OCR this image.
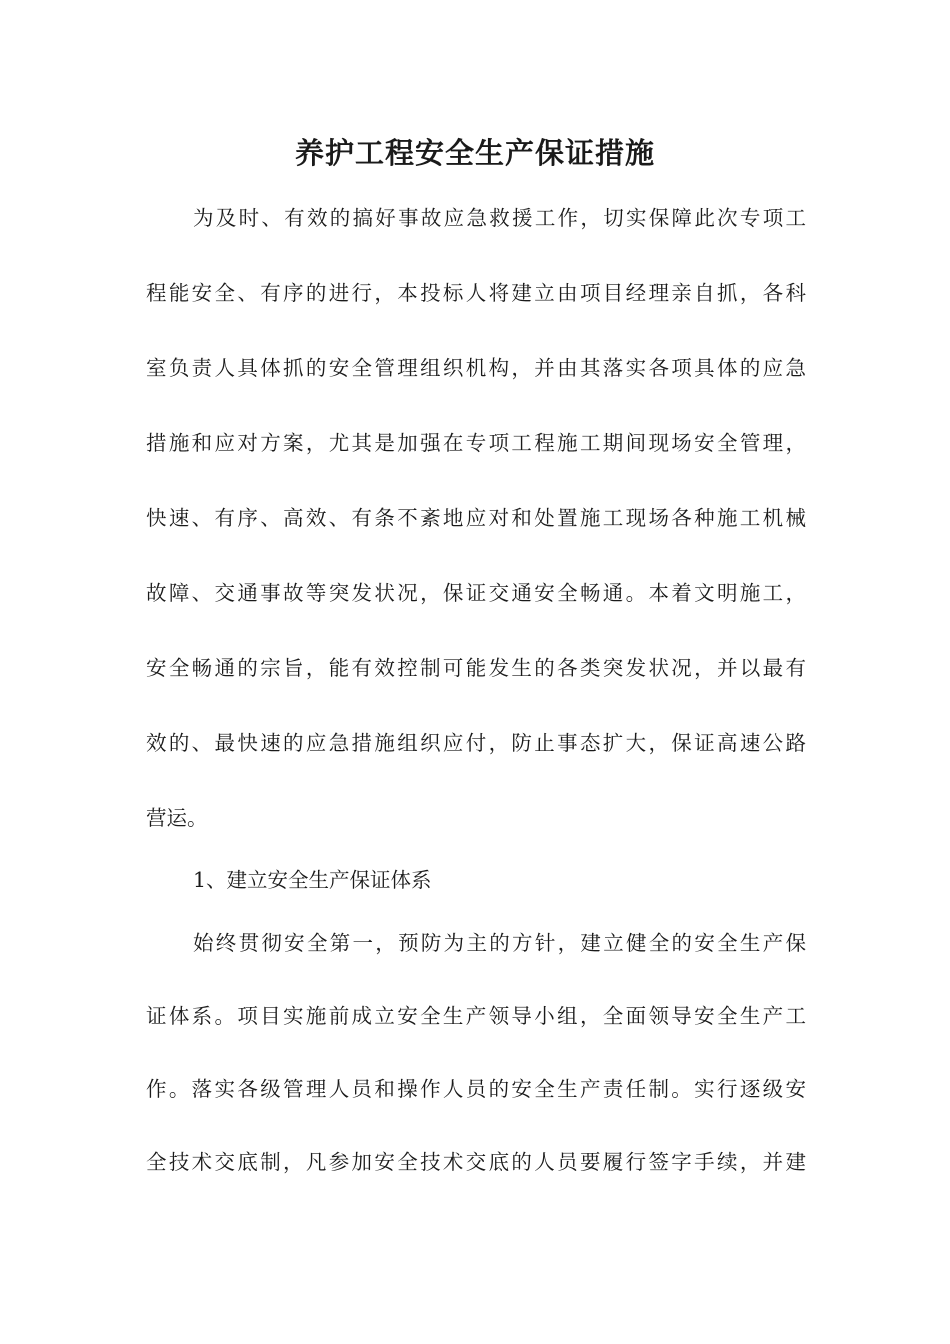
养护工程安全生产保证措施
为及时、有效的搞好事故应急救援工作，切实保障此次专项工
程能安全、有序的进行，本投标人将建立由项目经理亲自抓，各科
室负责人具体抓的安全管理组织机构，并由其落实各项具体的应急
措施和应对方案，尤其是加强在专项工程施工期间现场安全管理，
快速、有序、高效、有条不紊地应对和处置施工现场各种施工机械
故障、交通事故等突发状况，保证交通安全畅通。本着文明施工，
安全畅通的宗旨，能有效控制可能发生的各类突发状况，并以最有
效的、最快速的应急措施组织应付，防止事态扩大，保证高速公路
营运。
1、建立安全生产保证体系
始终贯彻安全第一，预防为主的方针，建立健全的安全生产保
证体系。项目实施前成立安全生产领导小组，全面领导安全生产工
作。落实各级管理人员和操作人员的安全生产责任制。实行逐级安
全技术交底制，凡参加安全技术交底的人员要履行签字手续，并建
